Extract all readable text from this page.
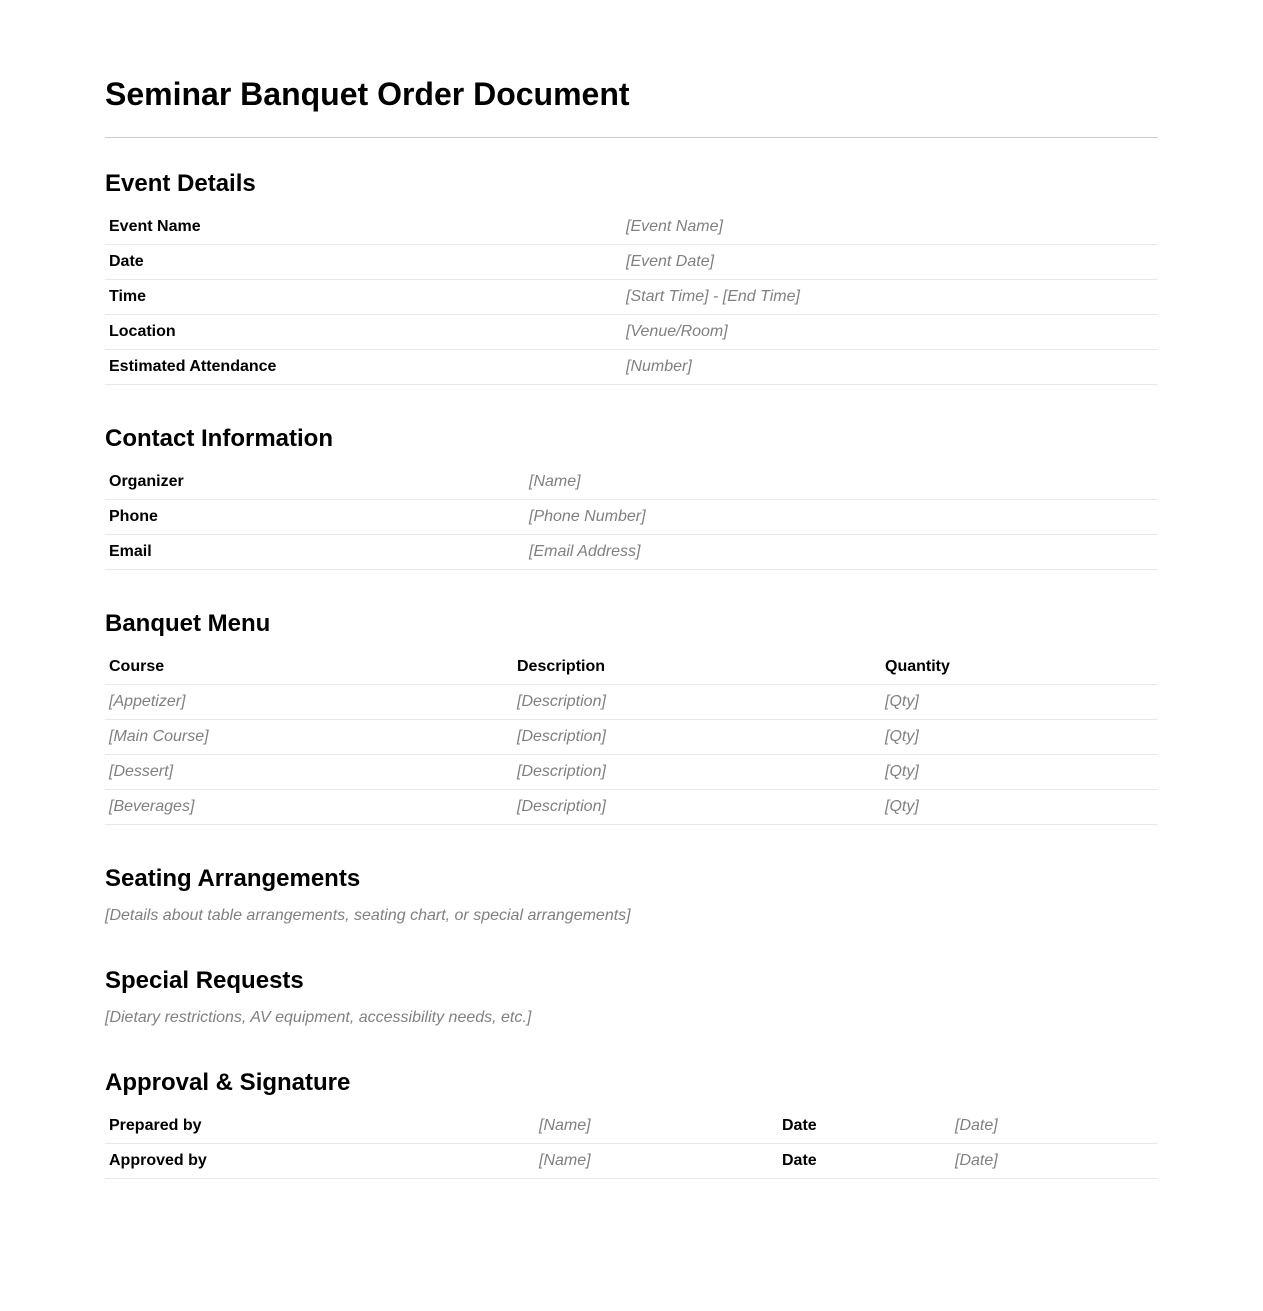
Seminar Banquet Order Document
Event Details
Event Name	[Event Name]
Date	[Event Date]
Time	[Start Time] - [End Time]
Location	[Venue/Room]
Estimated Attendance	[Number]
Contact Information
Organizer	[Name]
Phone	[Phone Number]
Email	[Email Address]
Banquet Menu
Course	Description	Quantity
[Appetizer]	[Description]	[Qty]
[Main Course]	[Description]	[Qty]
[Dessert]	[Description]	[Qty]
[Beverages]	[Description]	[Qty]
Seating Arrangements

[Details about table arrangements, seating chart, or special arrangements]

Special Requests

[Dietary restrictions, AV equipment, accessibility needs, etc.]

Approval & Signature
Prepared by	[Name]	Date	[Date]
Approved by	[Name]	Date	[Date]
